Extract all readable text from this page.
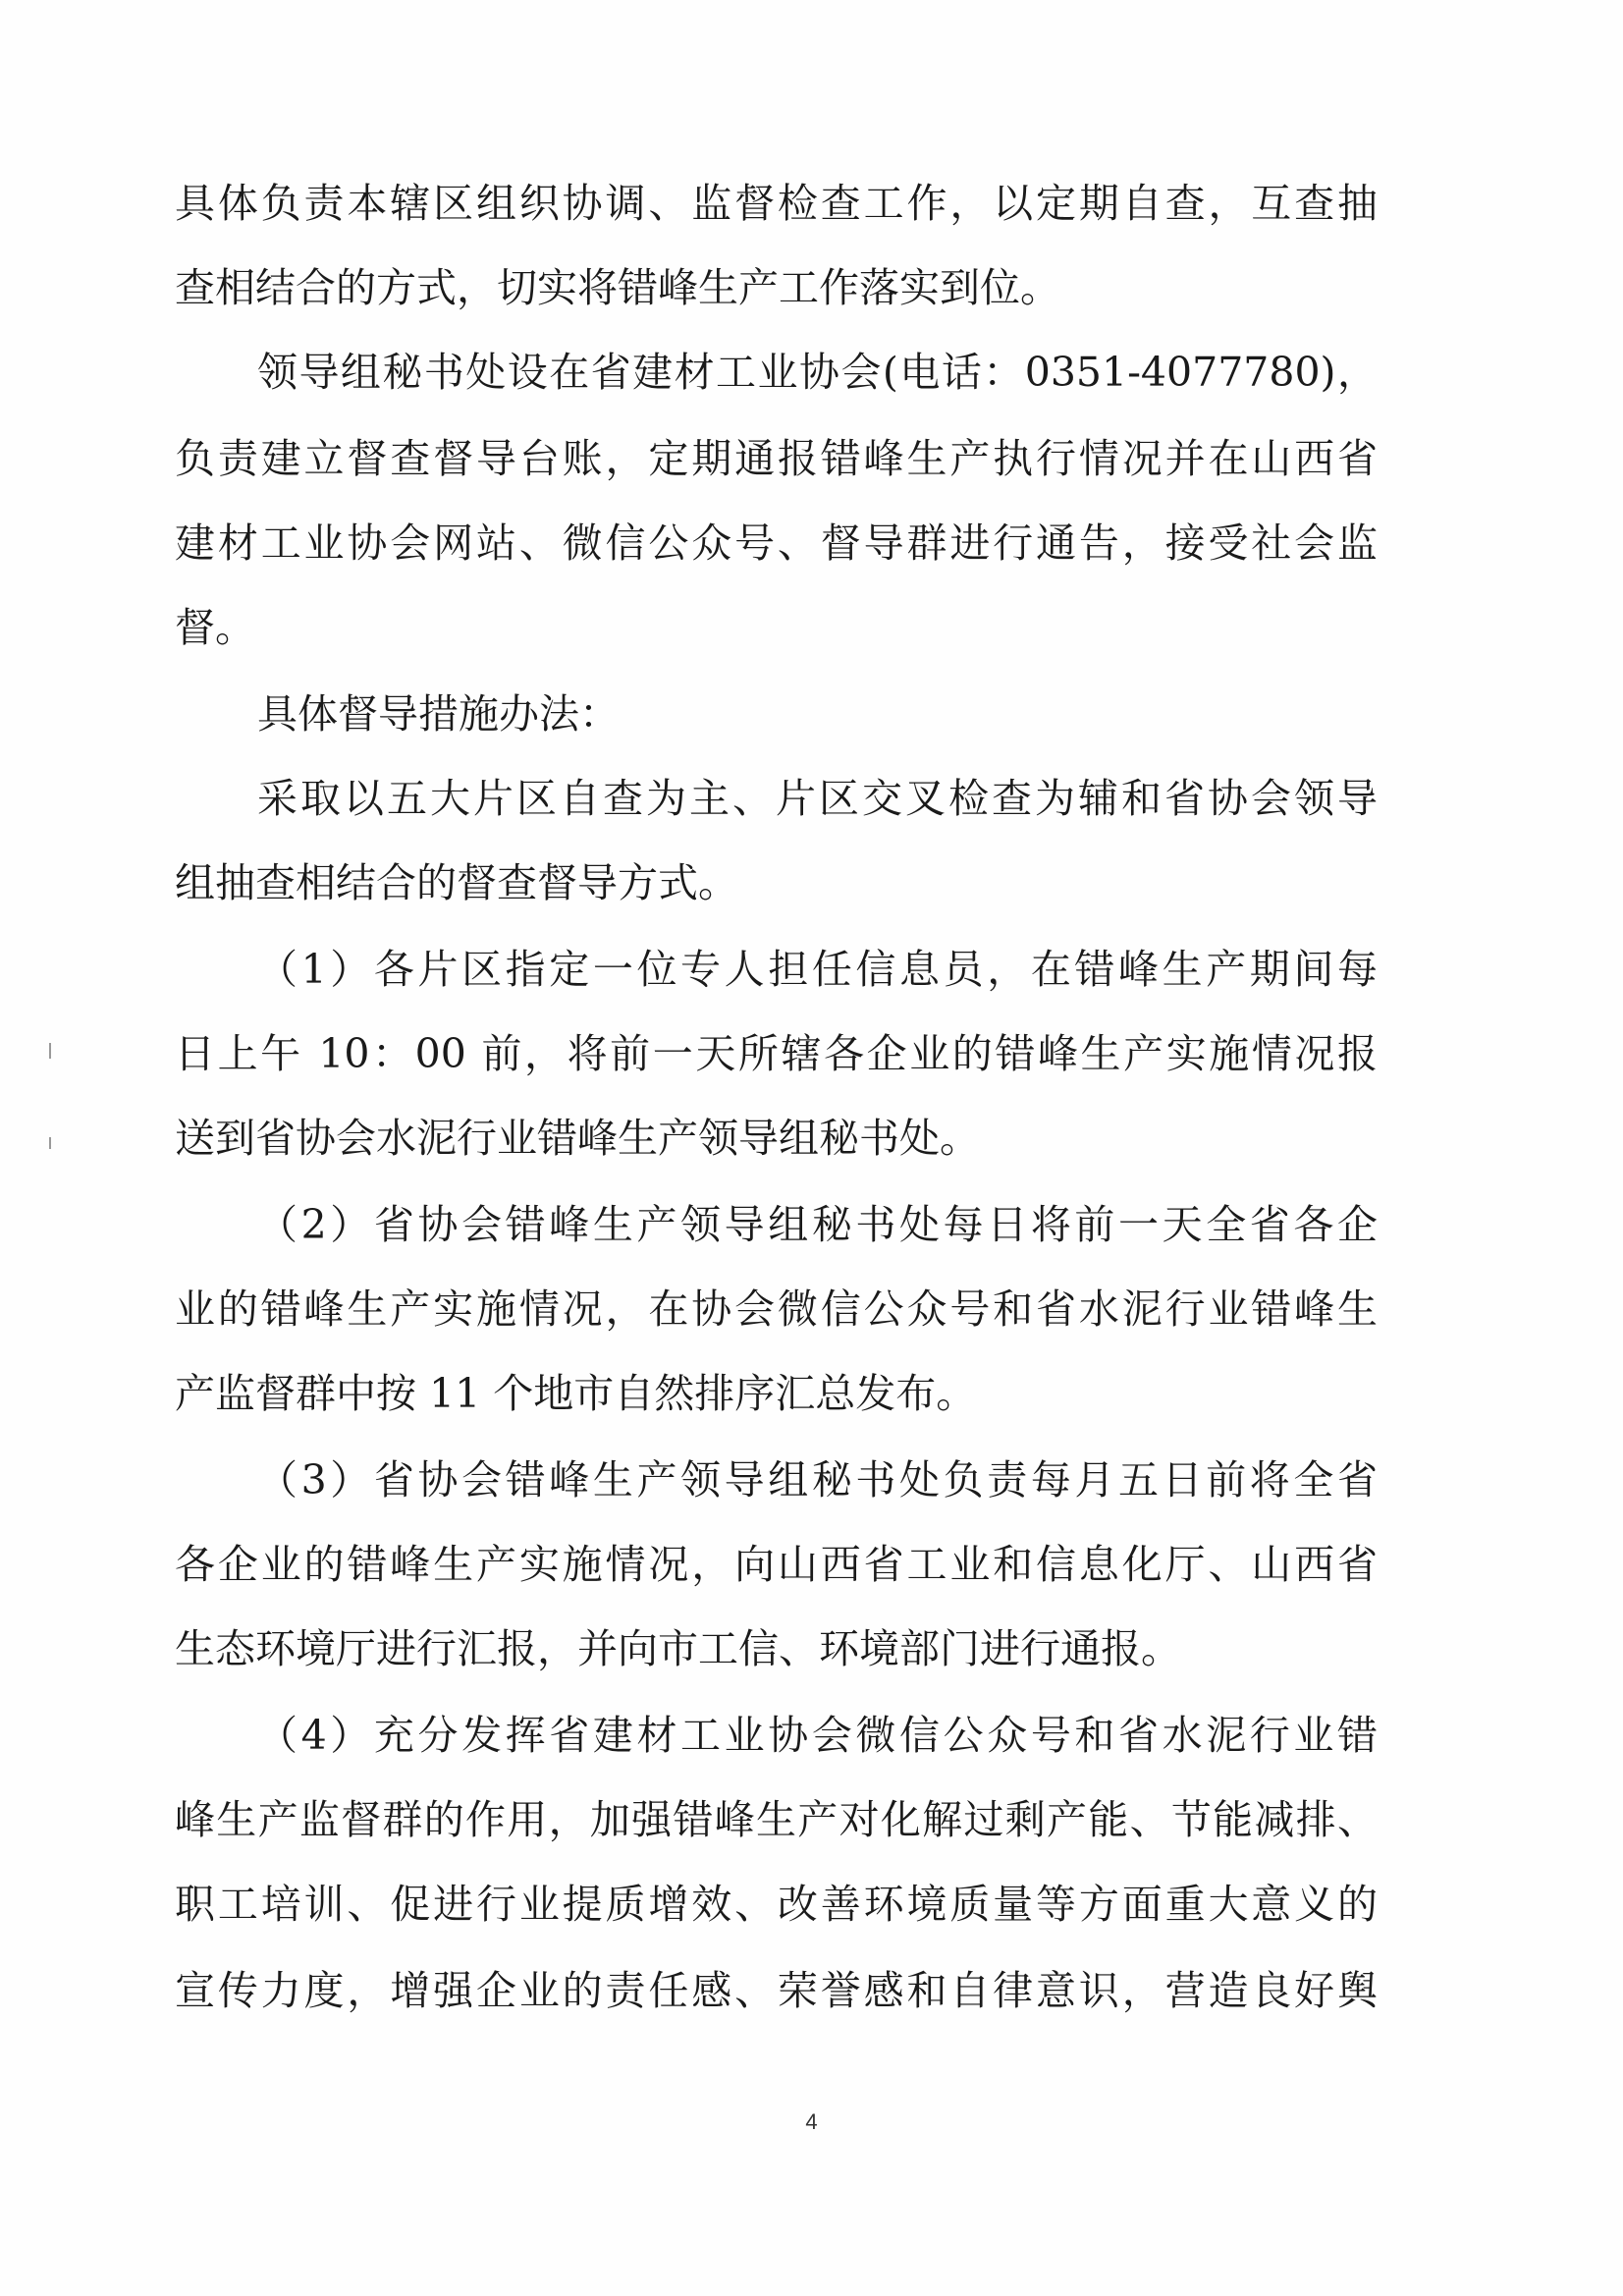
具体负责本辖区组织协调、监督检查工作，以定期自查，互查抽
查相结合的方式，切实将错峰生产工作落实到位。
领导组秘书处设在省建材工业协会(电话：0351-4077780)，
负责建立督查督导台账，定期通报错峰生产执行情况并在山西省
建材工业协会网站、微信公众号、督导群进行通告，接受社会监
督。
具体督导措施办法：
采取以五大片区自查为主、片区交叉检查为辅和省协会领导
组抽查相结合的督查督导方式。
（1）各片区指定一位专人担任信息员，在错峰生产期间每
日上午 10：00 前，将前一天所辖各企业的错峰生产实施情况报
送到省协会水泥行业错峰生产领导组秘书处。
（2）省协会错峰生产领导组秘书处每日将前一天全省各企
业的错峰生产实施情况，在协会微信公众号和省水泥行业错峰生
产监督群中按 11 个地市自然排序汇总发布。
（3）省协会错峰生产领导组秘书处负责每月五日前将全省
各企业的错峰生产实施情况，向山西省工业和信息化厅、山西省
生态环境厅进行汇报，并向市工信、环境部门进行通报。
（4）充分发挥省建材工业协会微信公众号和省水泥行业错
峰生产监督群的作用，加强错峰生产对化解过剩产能、节能减排、
职工培训、促进行业提质增效、改善环境质量等方面重大意义的
宣传力度，增强企业的责任感、荣誉感和自律意识，营造良好舆
4
